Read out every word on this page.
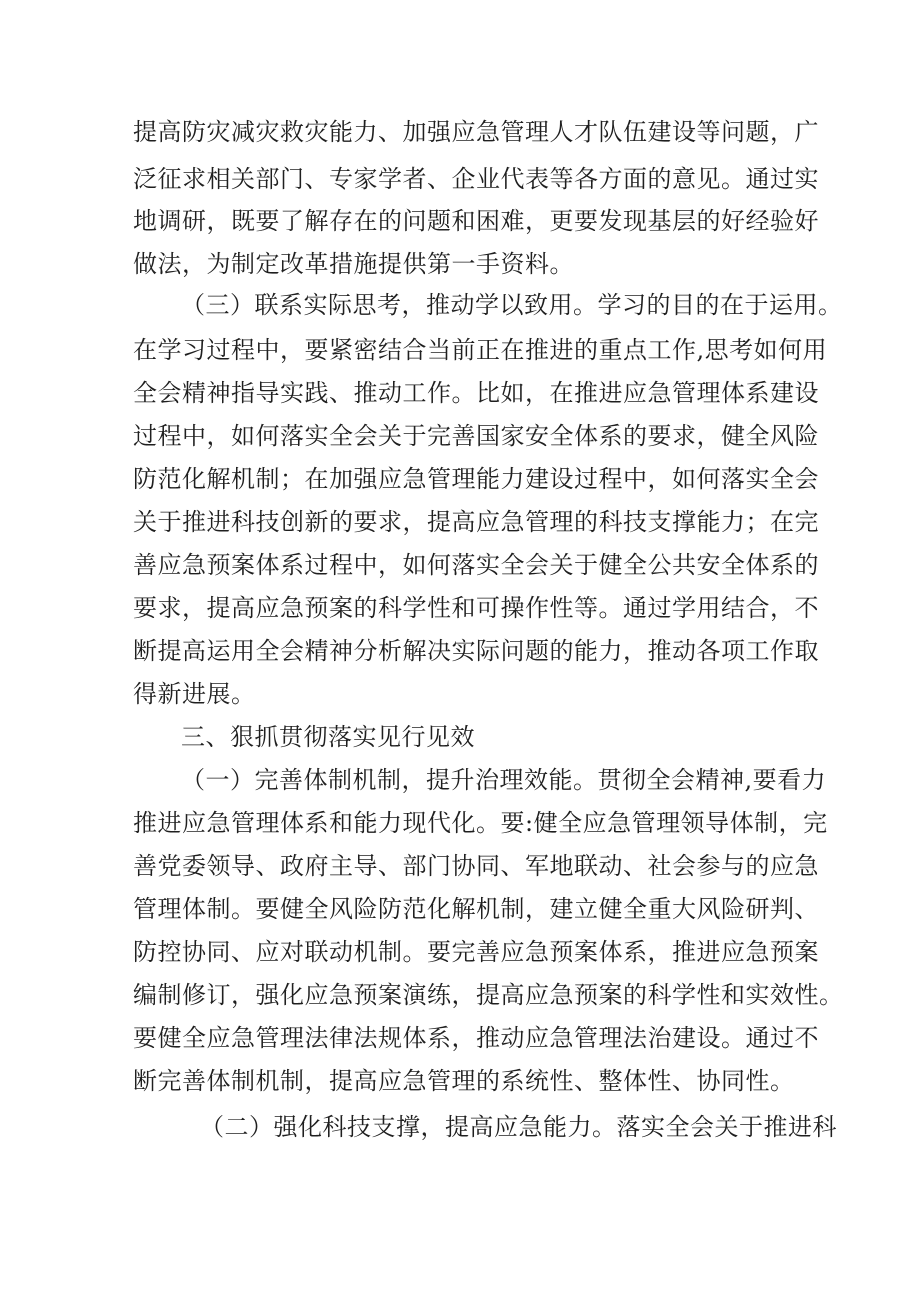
提高防灾减灾救灾能力、加强应急管理人才队伍建设等问题，广
泛征求相关部门、专家学者、企业代表等各方面的意见。通过实
地调研，既要了解存在的问题和困难，更要发现基层的好经验好
做法，为制定改革措施提供第一手资料。
（三）联系实际思考，推动学以致用。学习的目的在于运用。
在学习过程中，要紧密结合当前正在推进的重点工作,思考如何用
全会精神指导实践、推动工作。比如，在推进应急管理体系建设
过程中，如何落实全会关于完善国家安全体系的要求，健全风险
防范化解机制；在加强应急管理能力建设过程中，如何落实全会
关于推进科技创新的要求，提高应急管理的科技支撑能力；在完
善应急预案体系过程中，如何落实全会关于健全公共安全体系的
要求，提高应急预案的科学性和可操作性等。通过学用结合，不
断提高运用全会精神分析解决实际问题的能力，推动各项工作取
得新进展。
三、狠抓贯彻落实见行见效
（一）完善体制机制，提升治理效能。贯彻全会精神,要看力
推进应急管理体系和能力现代化。要:健全应急管理领导体制，完
善党委领导、政府主导、部门协同、军地联动、社会参与的应急
管理体制。要健全风险防范化解机制，建立健全重大风险研判、
防控协同、应对联动机制。要完善应急预案体系，推进应急预案
编制修订，强化应急预案演练，提高应急预案的科学性和实效性。
要健全应急管理法律法规体系，推动应急管理法治建设。通过不
断完善体制机制，提高应急管理的系统性、整体性、协同性。
（二）强化科技支撑，提高应急能力。落实全会关于推进科
